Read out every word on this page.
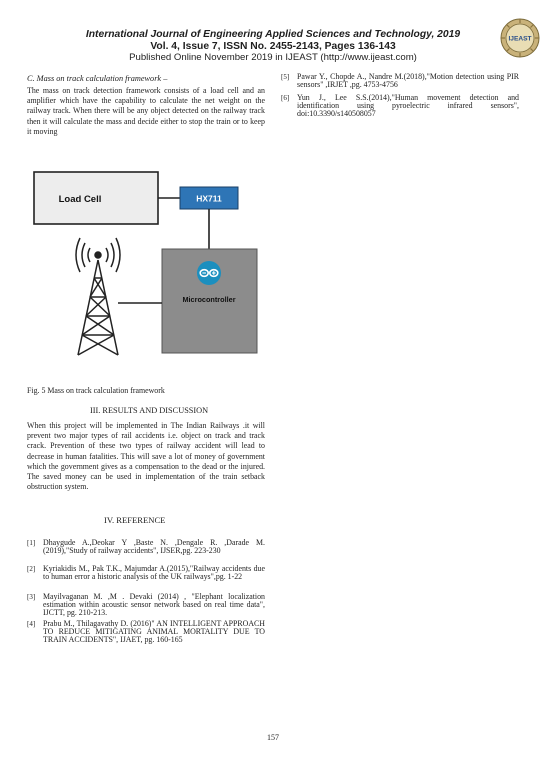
International Journal of Engineering Applied Sciences and Technology, 2019
Vol. 4, Issue 7, ISSN No. 2455-2143, Pages 136-143
Published Online November 2019 in IJEAST (http://www.ijeast.com)
IJEAST
C. Mass on track calculation framework –
The mass on track detection framework consists of a load cell and an amplifier which have the capability to calculate the net weight on the railway track. When there will be any object detected on the railway track then it will calculate the mass and decide either to stop the train or to keep it moving
Load Cell	HX711
Microcontroller
Fig. 5 Mass on track calculation framework
III. RESULTS AND DISCUSSION
When this project will be implemented in The Indian Railways .it will prevent two major types of rail accidents i.e. object on track and track crack. Prevention of these two types of railway accident will lead to decrease in human fatalities. This will save a lot of money of government which the government gives as a compensation to the dead or the injured. The saved money can be used in implementation of the train setback obstruction system.
IV. REFERENCE
[1] Dhaygude A.,Deokar Y ,Baste N. ,Dengale R. ,Darade M.(2019),"Study of railway accidents", IJSER,pg. 223-230
[2] Kyriakidis M., Pak T.K., Majumdar A.(2015),"Railway accidents due to human error a historic analysis of the UK railways",pg. 1-22
[3] Mayilvaganan M. ,M . Devaki (2014) , "Elephant localization estimation within acoustic sensor network based on real time data", IJCTT, pg. 210-213.
[4] Prabu M., Thilagavathy D. (2016)" AN INTELLIGENT APPROACH TO REDUCE MITIGATING ANIMAL MORTALITY DUE TO TRAIN ACCIDENTS", IJAET, pg. 160-165
[5] Pawar Y., Chopde A., Nandre M.(2018),"Motion detection using PIR sensors" ,IRJET ,pg. 4753-4756
[6] Yun J., Lee S.S.(2014),"Human movement detection and identification using pyroelectric infrared sensors", doi:10.3390/s140508057
157
